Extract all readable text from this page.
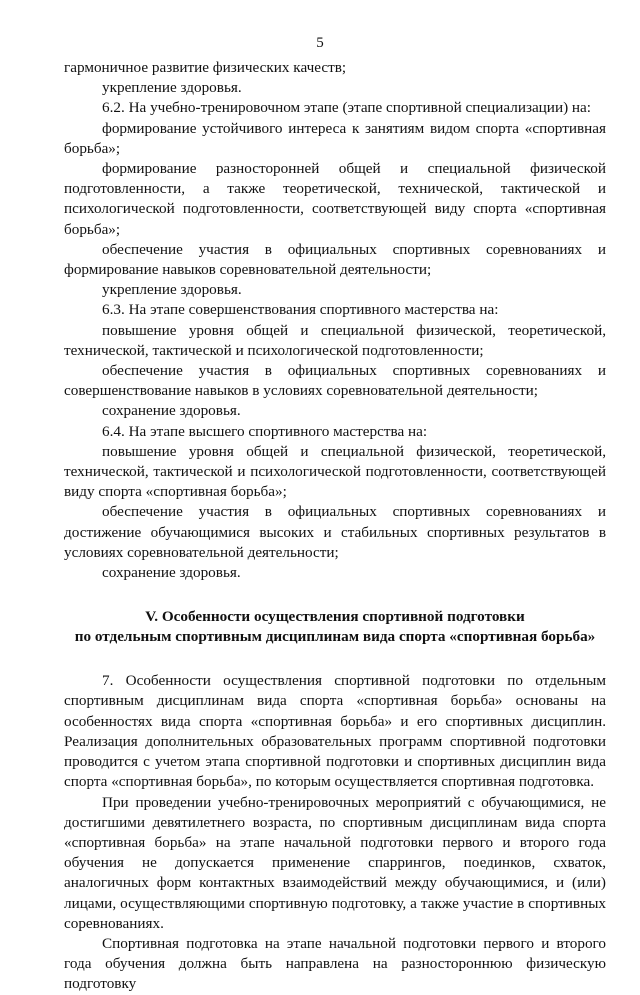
5

гармоничное развитие физических качеств;

укрепление здоровья.

6.2. На учебно-тренировочном этапе (этапе спортивной специализации) на:

формирование устойчивого интереса к занятиям видом спорта «спортивная борьба»;

формирование разносторонней общей и специальной физической подготовленности, а также теоретической, технической, тактической и психологической подготовленности, соответствующей виду спорта «спортивная борьба»;

обеспечение участия в официальных спортивных соревнованиях и формирование навыков соревновательной деятельности;

укрепление здоровья.

6.3. На этапе совершенствования спортивного мастерства на:

повышение уровня общей и специальной физической, теоретической, технической, тактической и психологической подготовленности;

обеспечение участия в официальных спортивных соревнованиях и совершенствование навыков в условиях соревновательной деятельности;

сохранение здоровья.

6.4. На этапе высшего спортивного мастерства на:

повышение уровня общей и специальной физической, теоретической, технической, тактической и психологической подготовленности, соответствующей виду спорта «спортивная борьба»;

обеспечение участия в официальных спортивных соревнованиях и достижение обучающимися высоких и стабильных спортивных результатов в условиях соревновательной деятельности;

сохранение здоровья.

V. Особенности осуществления спортивной подготовки
по отдельным спортивным дисциплинам вида спорта «спортивная борьба»

7. Особенности осуществления спортивной подготовки по отдельным спортивным дисциплинам вида спорта «спортивная борьба» основаны на особенностях вида спорта «спортивная борьба» и его спортивных дисциплин. Реализация дополнительных образовательных программ спортивной подготовки проводится с учетом этапа спортивной подготовки и спортивных дисциплин вида спорта «спортивная борьба», по которым осуществляется спортивная подготовка.

При проведении учебно-тренировочных мероприятий с обучающимися, не достигшими девятилетнего возраста, по спортивным дисциплинам вида спорта «спортивная борьба» на этапе начальной подготовки первого и второго года обучения не допускается применение спаррингов, поединков, схваток, аналогичных форм контактных взаимодействий между обучающимися, и (или) лицами, осуществляющими спортивную подготовку, а также участие в спортивных соревнованиях.

Спортивная подготовка на этапе начальной подготовки первого и второго года обучения должна быть направлена на разностороннюю физическую подготовку
